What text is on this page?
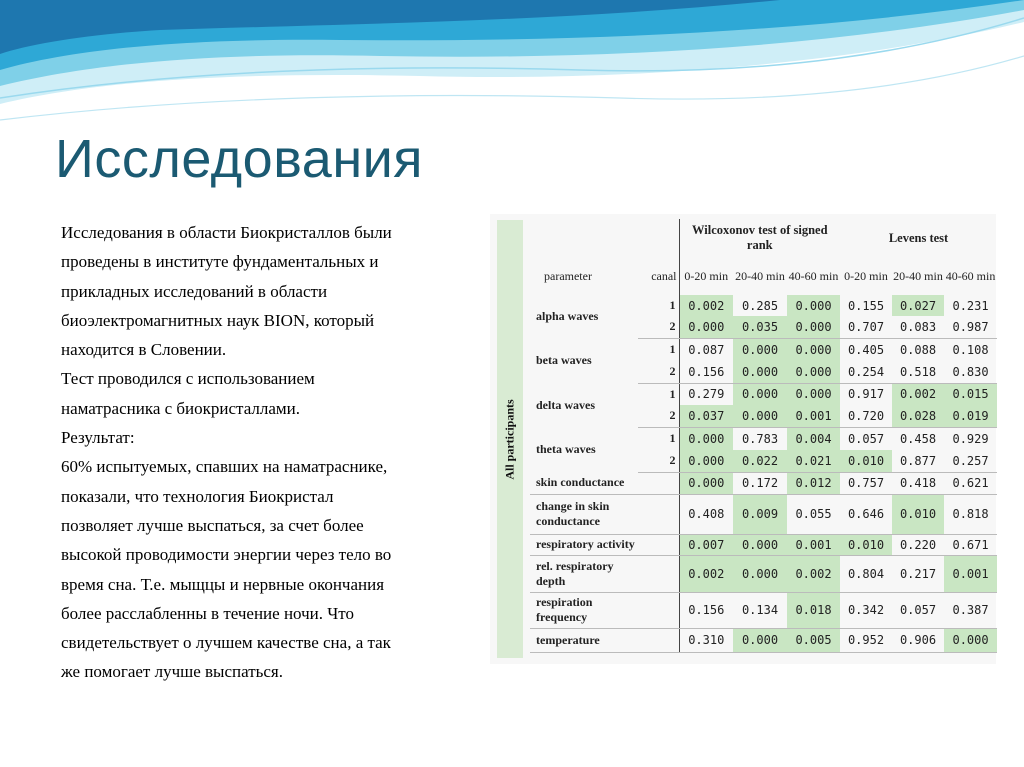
Исследования

Исследования в области Биокристаллов были

проведены в институте фундаментальных и

прикладных исследований в области

биоэлектромагнитных наук BION, который

находится в Словении.

Тест проводился с использованием

наматрасника с биокристаллами.

Результат:

60% испытуемых, спавших на наматраснике,

показали, что технология Биокристал

позволяет лучше выспаться, за счет более

высокой проводимости энергии через тело во

время сна. Т.е. мыщцы и нервные окончания

более расслабленны в течение ночи. Что

свидетельствует о лучшем качестве сна, а так

же помогает лучше выспаться.

All participants
		Wilcoxonov test of signed rank			Levens test		
parameter	canal	0-20 min	20-40 min	40-60 min	0-20 min	20-40 min	40-60 min
alpha waves	1	0.002	0.285	0.000	0.155	0.027	0.231
	2	0.000	0.035	0.000	0.707	0.083	0.987
beta waves	1	0.087	0.000	0.000	0.405	0.088	0.108
	2	0.156	0.000	0.000	0.254	0.518	0.830
delta waves	1	0.279	0.000	0.000	0.917	0.002	0.015
	2	0.037	0.000	0.001	0.720	0.028	0.019
theta waves	1	0.000	0.783	0.004	0.057	0.458	0.929
	2	0.000	0.022	0.021	0.010	0.877	0.257
skin conductance		0.000	0.172	0.012	0.757	0.418	0.621
change in skin conductance		0.408	0.009	0.055	0.646	0.010	0.818
respiratory activity		0.007	0.000	0.001	0.010	0.220	0.671
rel. respiratory depth		0.002	0.000	0.002	0.804	0.217	0.001
respiration frequency		0.156	0.134	0.018	0.342	0.057	0.387
temperature		0.310	0.000	0.005	0.952	0.906	0.000
